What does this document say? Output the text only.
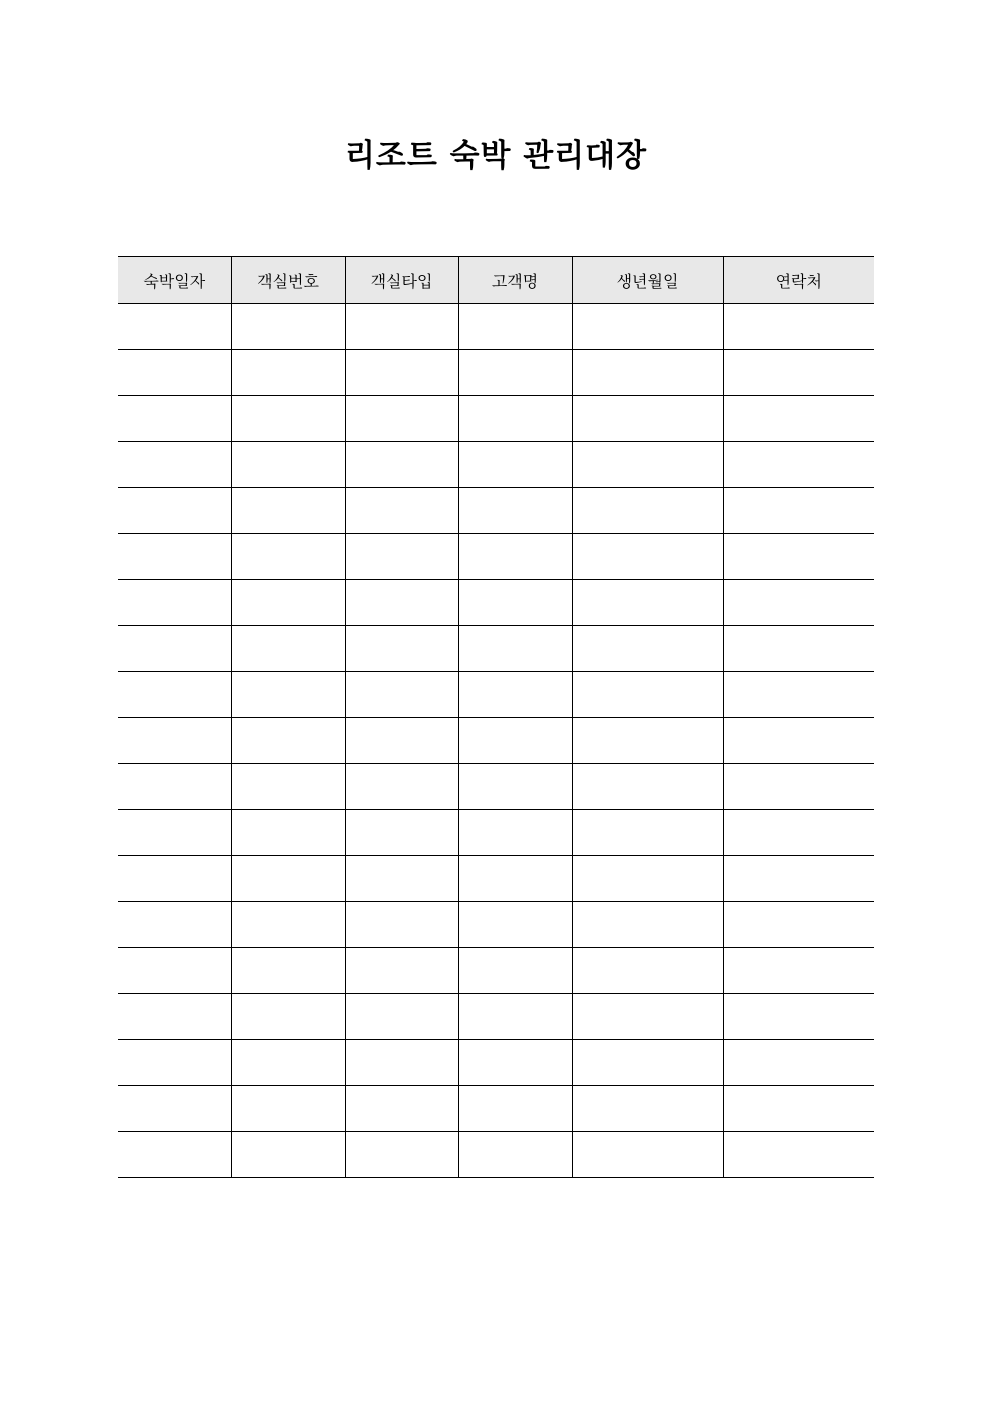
리조트 숙박 관리대장
숙박일자	객실번호	객실타입	고객명	생년월일	연락처
